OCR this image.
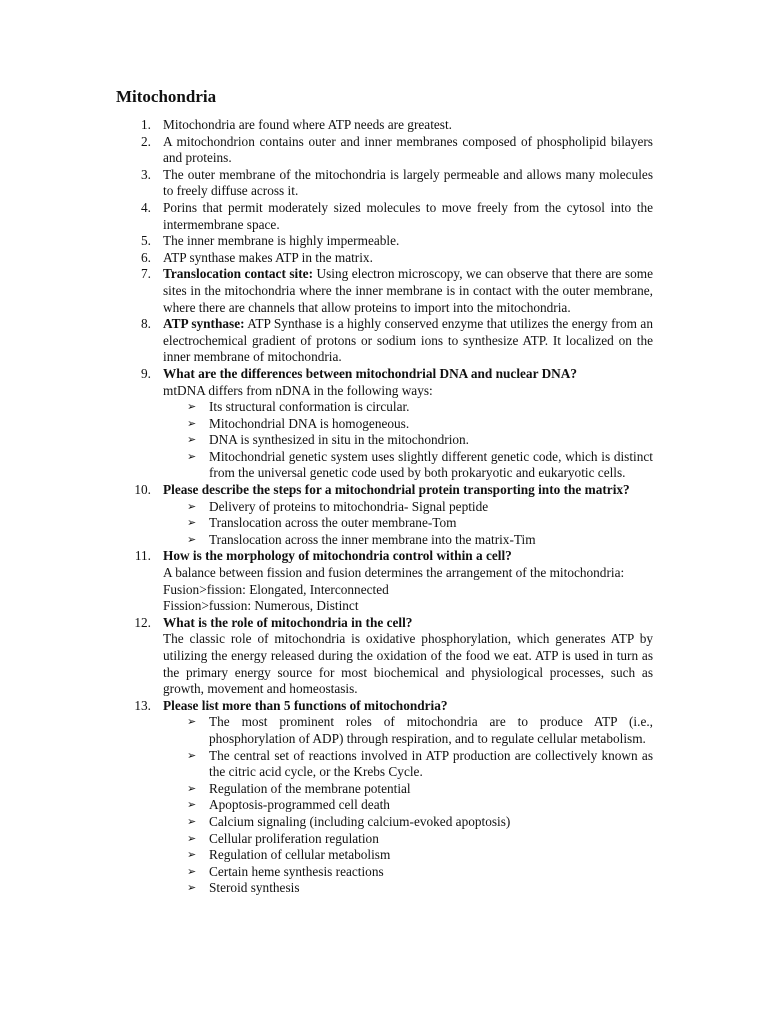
Mitochondria
1. Mitochondria are found where ATP needs are greatest.
2. A mitochondrion contains outer and inner membranes composed of phospholipid bilayers and proteins.
3. The outer membrane of the mitochondria is largely permeable and allows many molecules to freely diffuse across it.
4. Porins that permit moderately sized molecules to move freely from the cytosol into the intermembrane space.
5. The inner membrane is highly impermeable.
6. ATP synthase makes ATP in the matrix.
7. Translocation contact site: Using electron microscopy, we can observe that there are some sites in the mitochondria where the inner membrane is in contact with the outer membrane, where there are channels that allow proteins to import into the mitochondria.
8. ATP synthase: ATP Synthase is a highly conserved enzyme that utilizes the energy from an electrochemical gradient of protons or sodium ions to synthesize ATP. It localized on the inner membrane of mitochondria.
9. What are the differences between mitochondrial DNA and nuclear DNA?
mtDNA differs from nDNA in the following ways:
➢ Its structural conformation is circular.
➢ Mitochondrial DNA is homogeneous.
➢ DNA is synthesized in situ in the mitochondrion.
➢ Mitochondrial genetic system uses slightly different genetic code, which is distinct from the universal genetic code used by both prokaryotic and eukaryotic cells.
10. Please describe the steps for a mitochondrial protein transporting into the matrix?
➢ Delivery of proteins to mitochondria- Signal peptide
➢ Translocation across the outer membrane-Tom
➢ Translocation across the inner membrane into the matrix-Tim
11. How is the morphology of mitochondria control within a cell?
A balance between fission and fusion determines the arrangement of the mitochondria:
Fusion>fission: Elongated, Interconnected
Fission>fussion: Numerous, Distinct
12. What is the role of mitochondria in the cell?
The classic role of mitochondria is oxidative phosphorylation, which generates ATP by utilizing the energy released during the oxidation of the food we eat. ATP is used in turn as the primary energy source for most biochemical and physiological processes, such as growth, movement and homeostasis.
13. Please list more than 5 functions of mitochondria?
➢ The most prominent roles of mitochondria are to produce ATP (i.e., phosphorylation of ADP) through respiration, and to regulate cellular metabolism.
➢ The central set of reactions involved in ATP production are collectively known as the citric acid cycle, or the Krebs Cycle.
➢ Regulation of the membrane potential
➢ Apoptosis-programmed cell death
➢ Calcium signaling (including calcium-evoked apoptosis)
➢ Cellular proliferation regulation
➢ Regulation of cellular metabolism
➢ Certain heme synthesis reactions
➢ Steroid synthesis
